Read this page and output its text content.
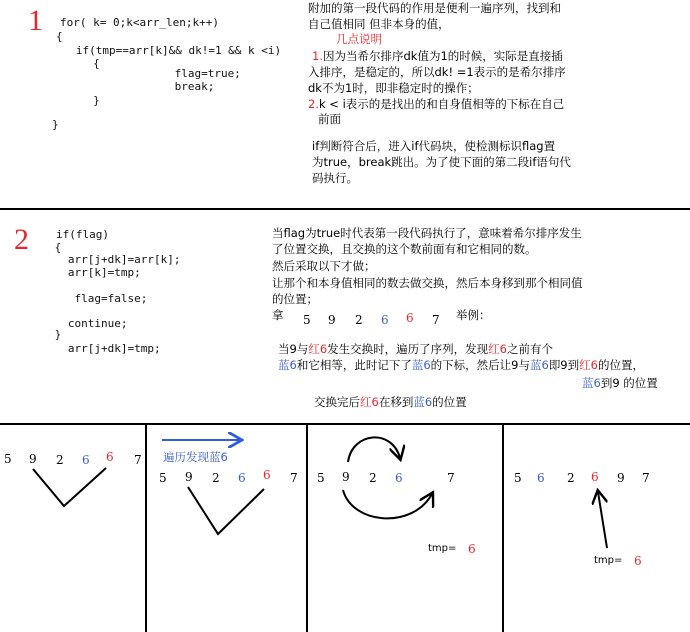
1 for( k= 0;k<arr_len;k++)
{
if(tmp==arr[k]&& dk!=1 && k <i)
{
flag=true;
break;
}
}
附加的第一段代码的作用是便利一遍序列，找到和
自己值相同 但非本身的值，
几点说明
1.因为当希尔排序dk值为1的时候，实际是直接插
入排序，是稳定的，所以dk! =1表示的是希尔排序
dk不为1时，即非稳定时的操作；
2.k < i表示的是找出的和自身值相等的下标在自己
前面
if判断符合后，进入if代码块，使检测标识flag置
为true，break跳出。为了使下面的第二段if语句代
码执行。
2 if(flag)
{
arr[j+dk]=arr[k];
arr[k]=tmp;
flag=false;
continue;
}
arr[j+dk]=tmp;
当flag为true时代表第一段代码执行了，意味着希尔排序发生
了位置交换，且交换的这个数前面有和它相同的数。
然后采取以下才做；
让那个和本身值相同的数去做交换，然后本身移到那个相同值
的位置；
拿 5 9 2 6 6 7 举例：
当9与红6发生交换时，遍历了序列，发现红6之前有个
蓝6和它相等，此时记下了蓝6的下标，然后让9与蓝6即9到红6的位置，
蓝6到9 的位置
交换完后红6在移到蓝6的位置
5 9 2 6 6 7 遍历发现蓝6
5 9 2 6 6 7 5 9 2 6	7
tmp= 6
5 6 2 6 9 7
tmp= 6
